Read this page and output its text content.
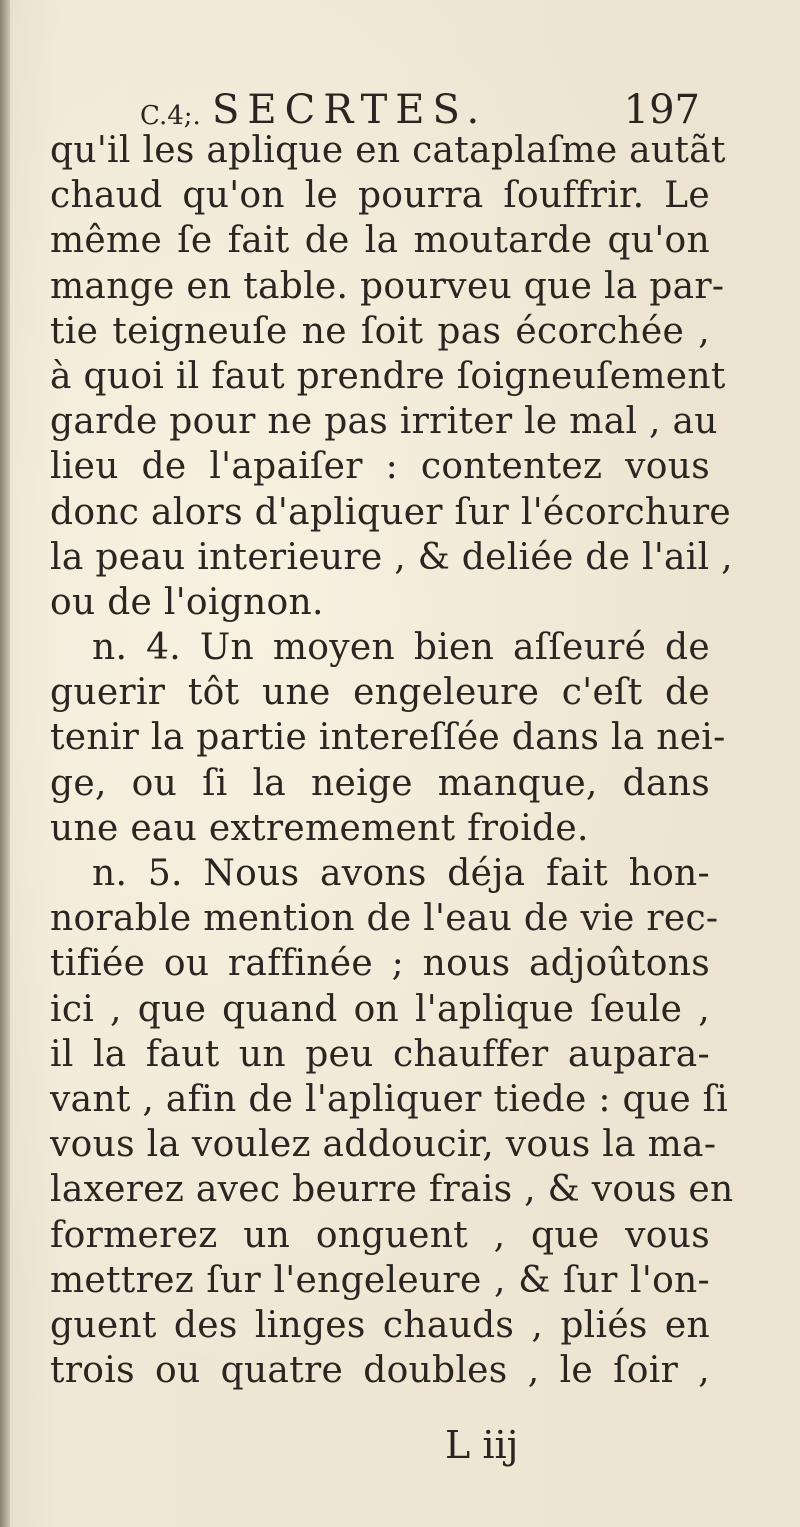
C.4;. SECRTES.	197
qu'il les aplique en cataplaſme autãt
chaud qu'on le pourra ſouffrir. Le
même ſe fait de la moutarde qu'on
mange en table. pourveu que la par-
tie teigneuſe ne ſoit pas écorchée ,
à quoi il faut prendre ſoigneuſement
garde pour ne pas irriter le mal , au
lieu de l'apaiſer : contentez vous
donc alors d'apliquer ſur l'écorchure
la peau interieure , & deliée de l'ail ,
ou de l'oignon.
n. 4. Un moyen bien aſſeuré de
guerir tôt une engeleure c'eſt de
tenir la partie intereſſée dans la nei-
ge, ou ſi la neige manque, dans
une eau extremement froide.
n. 5. Nous avons déja fait hon-
norable mention de l'eau de vie rec-
tifiée ou raffinée ; nous adjoûtons
ici , que quand on l'aplique ſeule ,
il la faut un peu chauffer aupara-
vant , afin de l'apliquer tiede : que ſi
vous la voulez addoucir, vous la ma-
laxerez avec beurre frais , & vous en
formerez un onguent , que vous
mettrez ſur l'engeleure , & ſur l'on-
guent des linges chauds , pliés en
trois ou quatre doubles , le ſoir ,
L iij
